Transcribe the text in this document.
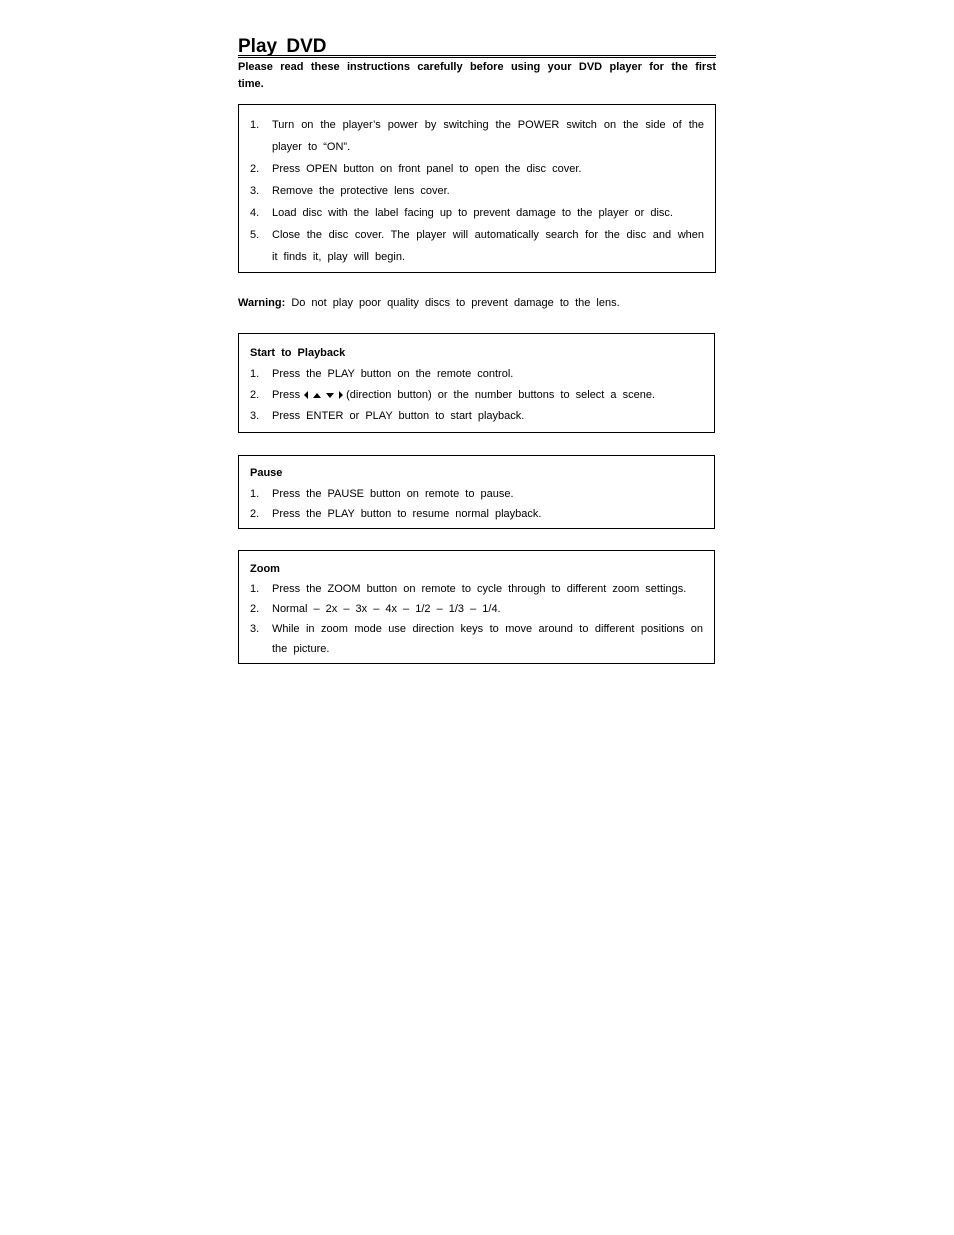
Play DVD
Please read these instructions carefully before using your DVD player for the first time.
1.	Turn on the player’s power by switching the POWER switch on the side of the player to “ON”.
2.	Press OPEN button on front panel to open the disc cover.
3.	Remove the protective lens cover.
4.	Load disc with the label facing up to prevent damage to the player or disc.
5.	Close the disc cover. The player will automatically search for the disc and when it finds it, play will begin.
Warning: Do not play poor quality discs to prevent damage to the lens.
Start to Playback
1.	Press the PLAY button on the remote control.
2.	Press	(direction button) or the number buttons to select a scene.
3.	Press ENTER or PLAY button to start playback.
Pause
1.	Press the PAUSE button on remote to pause.
2.	Press the PLAY button to resume normal playback.
Zoom
1.	Press the ZOOM button on remote to cycle through to different zoom settings.
2.	Normal – 2x – 3x – 4x – 1/2 – 1/3 – 1/4.
3.	While in zoom mode use direction keys to move around to different positions on the picture.
